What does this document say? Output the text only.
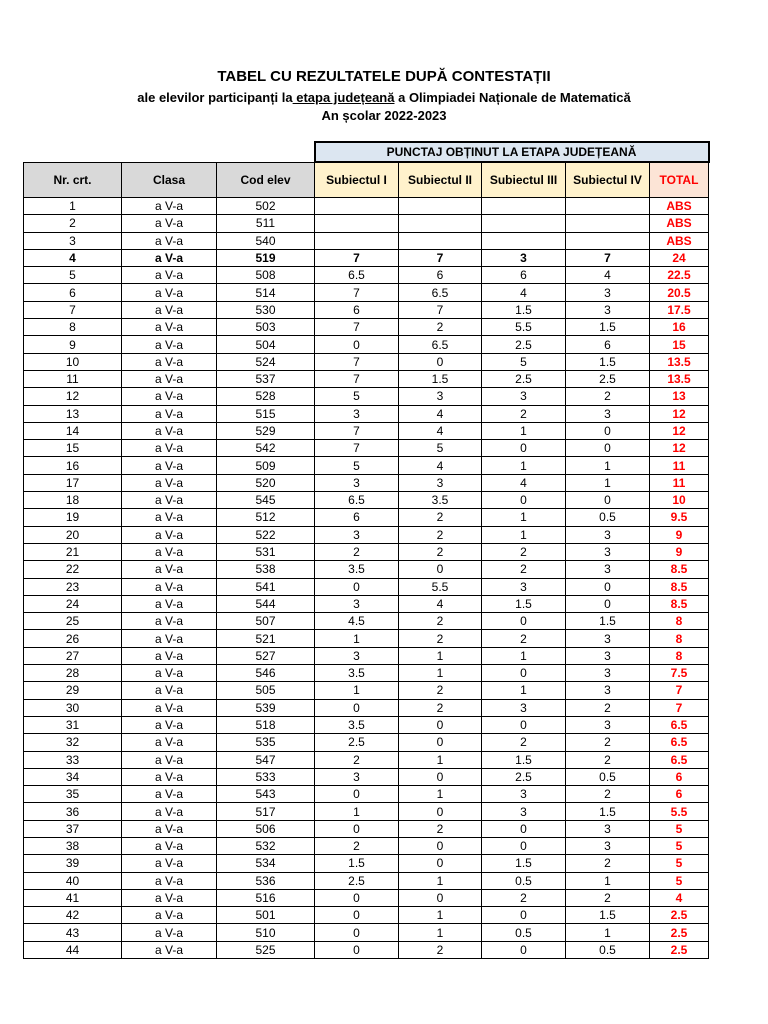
TABEL CU REZULTATELE DUPĂ CONTESTAȚII
ale elevilor participanți la etapa județeană a Olimpiadei Naționale de Matematică
An școlar 2022-2023
			PUNCTAJ OBȚINUT LA ETAPA JUDEȚEANĂ				
Nr. crt.	Clasa	Cod elev	Subiectul I	Subiectul II	Subiectul III	Subiectul IV	TOTAL
1	a V-a	502					ABS
2	a V-a	511					ABS
3	a V-a	540					ABS
4	a V-a	519	7	7	3	7	24
5	a V-a	508	6.5	6	6	4	22.5
6	a V-a	514	7	6.5	4	3	20.5
7	a V-a	530	6	7	1.5	3	17.5
8	a V-a	503	7	2	5.5	1.5	16
9	a V-a	504	0	6.5	2.5	6	15
10	a V-a	524	7	0	5	1.5	13.5
11	a V-a	537	7	1.5	2.5	2.5	13.5
12	a V-a	528	5	3	3	2	13
13	a V-a	515	3	4	2	3	12
14	a V-a	529	7	4	1	0	12
15	a V-a	542	7	5	0	0	12
16	a V-a	509	5	4	1	1	11
17	a V-a	520	3	3	4	1	11
18	a V-a	545	6.5	3.5	0	0	10
19	a V-a	512	6	2	1	0.5	9.5
20	a V-a	522	3	2	1	3	9
21	a V-a	531	2	2	2	3	9
22	a V-a	538	3.5	0	2	3	8.5
23	a V-a	541	0	5.5	3	0	8.5
24	a V-a	544	3	4	1.5	0	8.5
25	a V-a	507	4.5	2	0	1.5	8
26	a V-a	521	1	2	2	3	8
27	a V-a	527	3	1	1	3	8
28	a V-a	546	3.5	1	0	3	7.5
29	a V-a	505	1	2	1	3	7
30	a V-a	539	0	2	3	2	7
31	a V-a	518	3.5	0	0	3	6.5
32	a V-a	535	2.5	0	2	2	6.5
33	a V-a	547	2	1	1.5	2	6.5
34	a V-a	533	3	0	2.5	0.5	6
35	a V-a	543	0	1	3	2	6
36	a V-a	517	1	0	3	1.5	5.5
37	a V-a	506	0	2	0	3	5
38	a V-a	532	2	0	0	3	5
39	a V-a	534	1.5	0	1.5	2	5
40	a V-a	536	2.5	1	0.5	1	5
41	a V-a	516	0	0	2	2	4
42	a V-a	501	0	1	0	1.5	2.5
43	a V-a	510	0	1	0.5	1	2.5
44	a V-a	525	0	2	0	0.5	2.5
